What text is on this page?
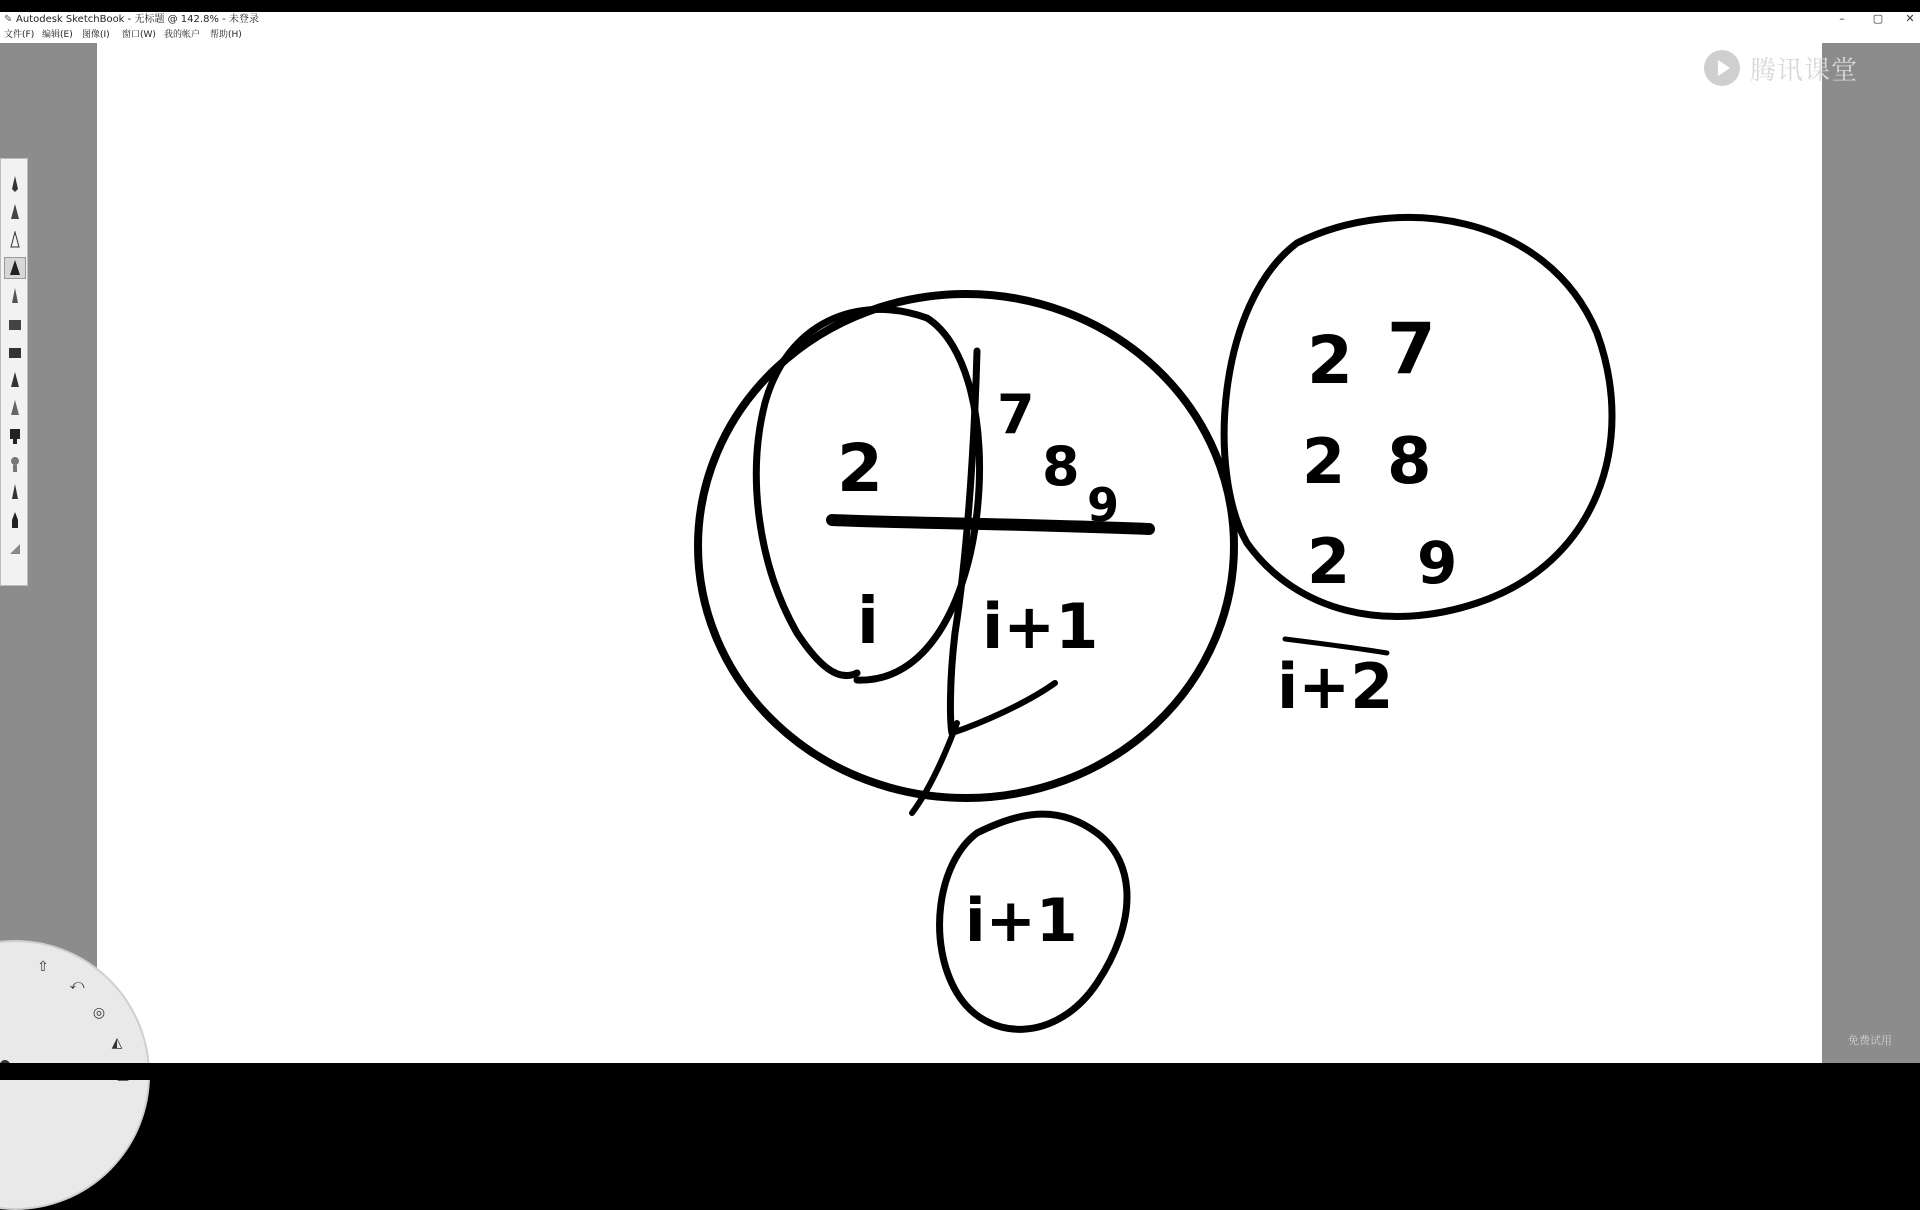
✎ Autodesk SketchBook - 无标题 @ 142.8% - 未登录	–	▢	✕
文件(F) 编辑(E) 图像(I) 窗口(W) 我的帐户 帮助(H)
2
7
8
9
i i+1
i+1
2 7
2 8
2 9
i+2
⇧
⤺
◎
◭
腾讯课堂
免费试用
